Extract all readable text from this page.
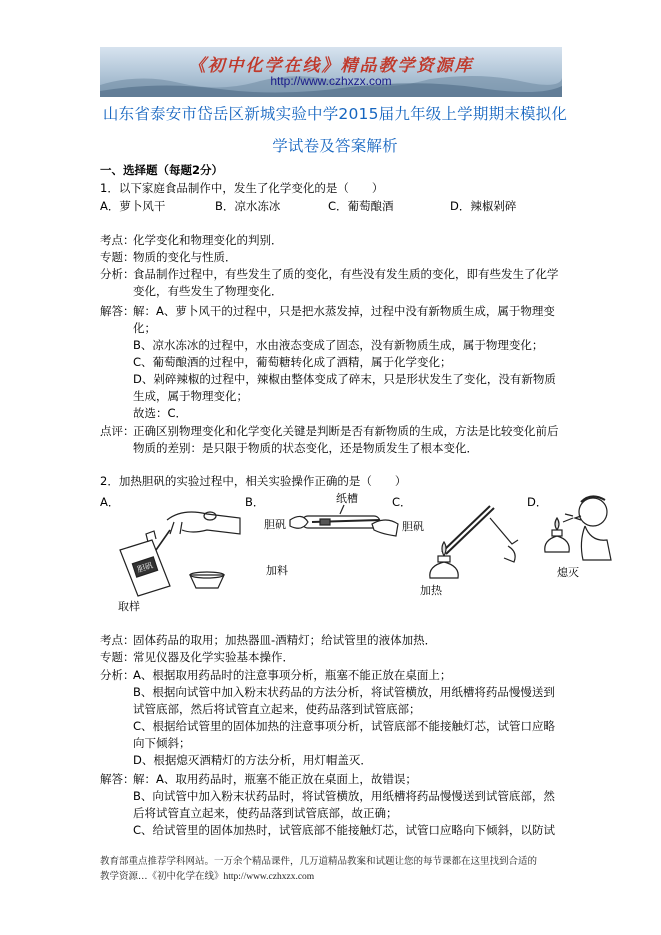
《初中化学在线》精品教学资源库
http://www.czhxzx.com
山东省泰安市岱岳区新城实验中学2015届九年级上学期期末模拟化
学试卷及答案解析
一、选择题（每题2分）
1．以下家庭食品制作中，发生了化学变化的是（　　）
A．萝卜风干	B．凉水冻冰	C．葡萄酿酒	D．辣椒剁碎
考点：
化学变化和物理变化的判别．
专题：
物质的变化与性质．
分析：
食品制作过程中，有些发生了质的变化，有些没有发生质的变化，即有些发生了化学
变化，有些发生了物理变化．
解答：
解：A、萝卜风干的过程中，只是把水蒸发掉，过程中没有新物质生成，属于物理变
化；
B、凉水冻冰的过程中，水由液态变成了固态，没有新物质生成，属于物理变化；
C、葡萄酿酒的过程中，葡萄糖转化成了酒精，属于化学变化；
D、剁碎辣椒的过程中，辣椒由整体变成了碎末，只是形状发生了变化，没有新物质
生成，属于物理变化；
故选：C．
点评：
正确区别物理变化和化学变化关键是判断是否有新物质的生成，方法是比较变化前后
物质的差别：是只限于物质的状态变化，还是物质发生了根本变化．
2．加热胆矾的实验过程中，相关实验操作正确的是（　　）
A．	B．	C．	D．
胆矾
取样
纸槽
胆矾
加料
胆矾
加热
熄灭
考点：
固体药品的取用；加热器皿-酒精灯；给试管里的液体加热．
专题：
常见仪器及化学实验基本操作．
分析：
A、根据取用药品时的注意事项分析，瓶塞不能正放在桌面上；
B、根据向试管中加入粉末状药品的方法分析，将试管横放，用纸槽将药品慢慢送到
试管底部，然后将试管直立起来，使药品落到试管底部；
C、根据给试管里的固体加热的注意事项分析，试管底部不能接触灯芯，试管口应略
向下倾斜；
D、根据熄灭酒精灯的方法分析，用灯帽盖灭．
解答：
解：A、取用药品时，瓶塞不能正放在桌面上，故错误；
B、向试管中加入粉末状药品时，将试管横放，用纸槽将药品慢慢送到试管底部，然
后将试管直立起来，使药品落到试管底部，故正确；
C、给试管里的固体加热时，试管底部不能接触灯芯，试管口应略向下倾斜，以防试
教育部重点推荐学科网站。一万余个精品课件，几万道精品教案和试题让您的每节课都在这里找到合适的
教学资源…《初中化学在线》http://www.czhxzx.com
